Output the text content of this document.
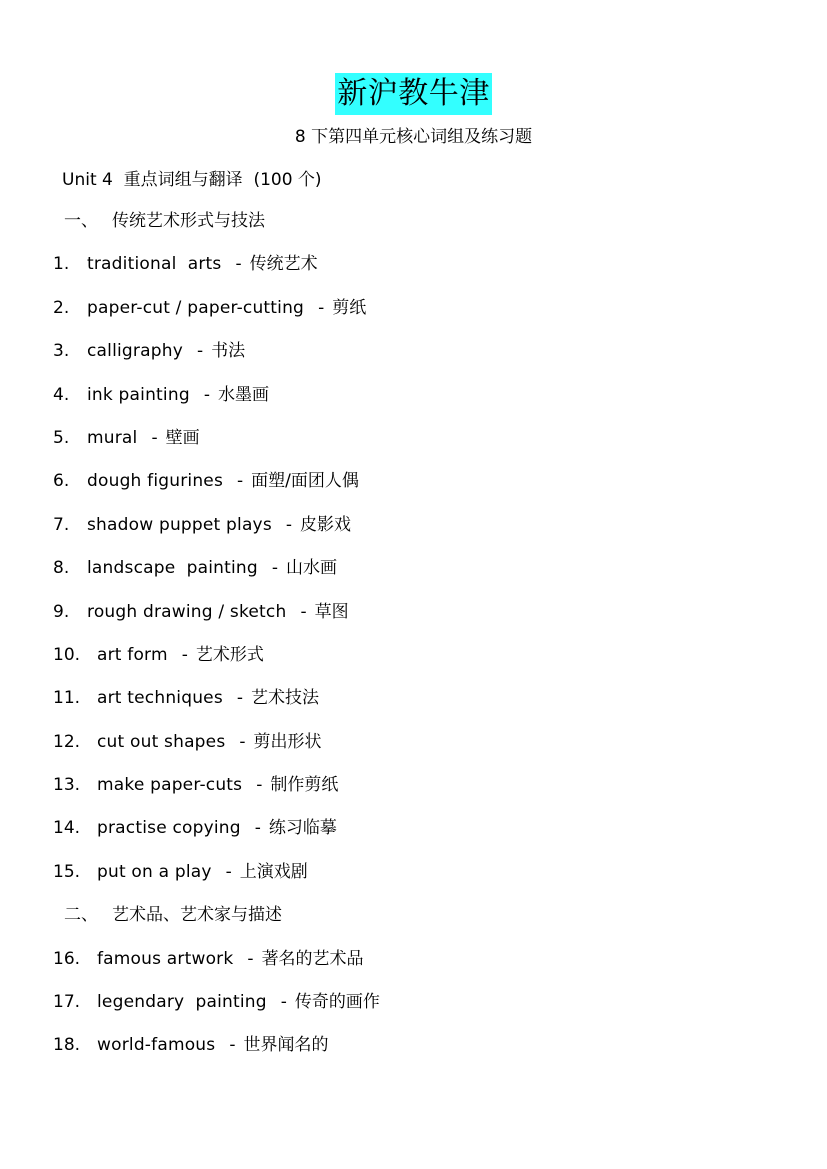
新沪教牛津
8 下第四单元核心词组及练习题
Unit 4  重点词组与翻译  (100 个)
一、 传统艺术形式与技法
1. traditional  arts - 传统艺术
2. paper-cut / paper-cutting - 剪纸
3. calligraphy - 书法
4. ink painting - 水墨画
5. mural - 壁画
6. dough figurines - 面塑/面团人偶
7. shadow puppet plays - 皮影戏
8. landscape  painting - 山水画
9. rough drawing / sketch - 草图
10. art form - 艺术形式
11. art techniques - 艺术技法
12. cut out shapes - 剪出形状
13. make paper-cuts - 制作剪纸
14. practise copying - 练习临摹
15. put on a play - 上演戏剧
二、 艺术品、艺术家与描述
16. famous artwork - 著名的艺术品
17. legendary  painting - 传奇的画作
18. world-famous - 世界闻名的
